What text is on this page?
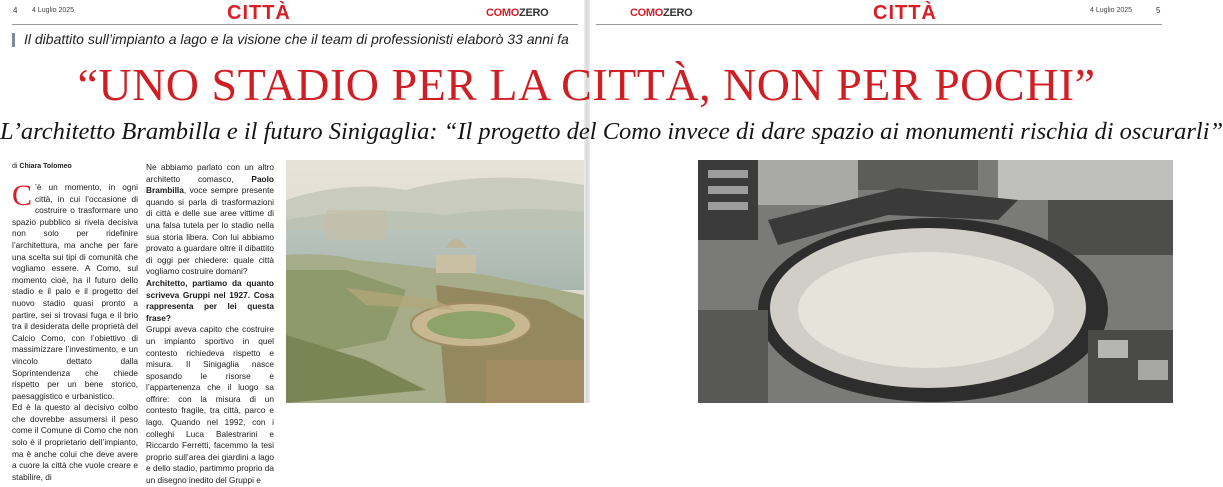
4 4 Luglio 2025	CITTÀ	COMOZERO	COMOZERO	CITTÀ	4 Luglio 2025	5
Il dibattito sull’impianto a lago e la visione che il team di professionisti elaborò 33 anni fa
“UNO STADIO PER LA CITTÀ, NON PER POCHI”
L’architetto Brambilla e il futuro Sinigaglia: “Il progetto del Como invece di dare spazio ai monumenti rischia di oscurarli”
di Chiara Tolomeo

C ’è un momento, in ogni città, in cui l’occasione di costruire o trasformare uno spazio pubblico si rivela decisiva non solo per ridefinire l’architettura, ma anche per fare una scelta sui tipi di comunità che vogliamo essere. A Como, sul momento cioè, ha il futuro dello stadio e il palo e il progetto del nuovo stadio quasi pronto a partire, sei si trovasi fuga e il brio tra il desiderata delle proprietà del Calcio Como, con l’obiettivo di massimizzare l’investimento, e un vincolo dettato dalla Soprintendenza che chiede rispetto per un bene storico, paesaggistico e urbanistico.

Ed è la questo al decisivo colbo che dovrebbe assumersi il peso come il Comune di Como che non solo è il proprietario dell’impianto, ma è anche colui che deve avere a cuore la città che vuole creare e stabilire, di

Ne abbiamo parlato con un altro architetto comasco, Paolo Brambilla, voce sempre presente quando si parla di trasformazioni di città e delle sue aree vittime di una falsa tutela per lo stadio nella sua storia libera. Con lui abbiamo provato a guardare oltre il dibattito di oggi per chiedere: quale città vogliamo costruire domani?

Architetto, partiamo da quanto scriveva Gruppi nel 1927. Cosa rappresenta per lei questa frase?

Gruppi aveva capito che costruire un impianto sportivo in quel contesto richiedeva rispetto e misura. Il Sinigaglia nasce sposando le risorse e l’appartenenza che il luogo sa offrire: con la misura di un contesto fragile, tra città, parco e lago. Quando nel 1992, con i colleghi Luca Balestrarini e Riccardo Ferretti, facemmo la tesi proprio sull’area dei giardini a lago e dello stadio, partimmo proprio da un disegno inedito del Gruppi e
